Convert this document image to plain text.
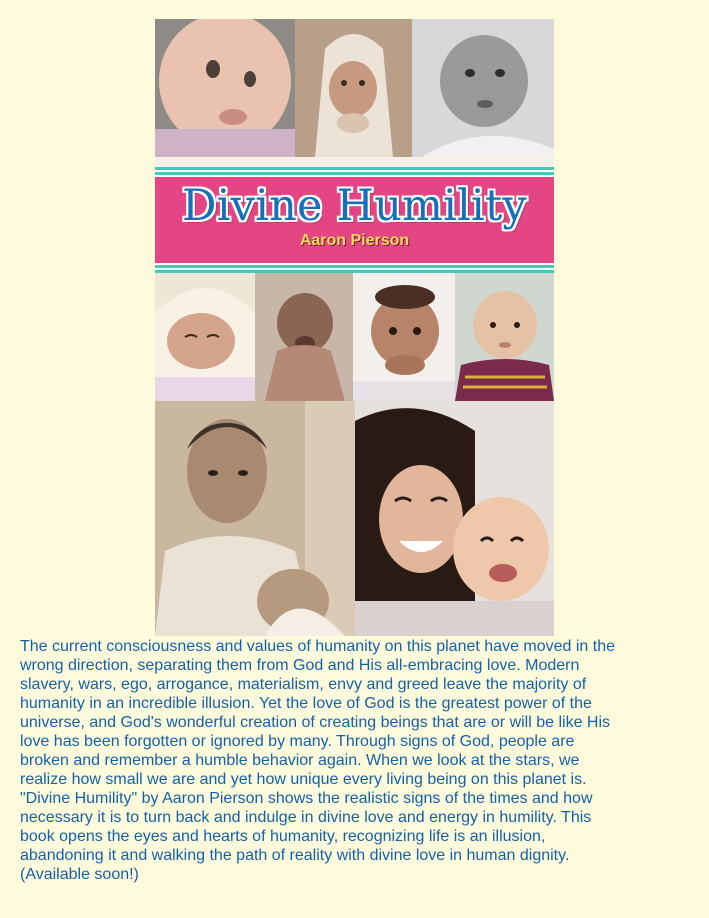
Divine Humility
Aaron Pierson

The current consciousness and values of humanity on this planet have moved in the
wrong direction, separating them from God and His all-embracing love. Modern
slavery, wars, ego, arrogance, materialism, envy and greed leave the majority of
humanity in an incredible illusion. Yet the love of God is the greatest power of the
universe, and God's wonderful creation of creating beings that are or will be like His
love has been forgotten or ignored by many. Through signs of God, people are
broken and remember a humble behavior again. When we look at the stars, we
realize how small we are and yet how unique every living being on this planet is.
"Divine Humility" by Aaron Pierson shows the realistic signs of the times and how
necessary it is to turn back and indulge in divine love and energy in humility. This
book opens the eyes and hearts of humanity, recognizing life is an illusion,
abandoning it and walking the path of reality with divine love in human dignity.
(Available soon!)
